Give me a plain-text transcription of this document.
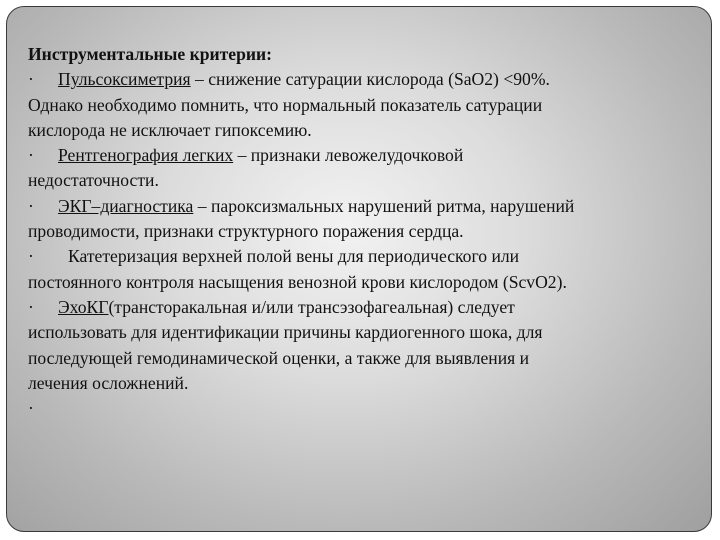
Инструментальные критерии:
· Пульсоксиметрия – снижение сатурации кислорода (SaO2) <90%.
Однако необходимо помнить, что нормальный показатель сатурации
кислорода не исключает гипоксемию.
· Рентгенография легких – признаки левожелудочковой
недостаточности.
· ЭКГ–диагностика – пароксизмальных нарушений ритма, нарушений
проводимости, признаки структурного поражения сердца.
· Катетеризация верхней полой вены для периодического или
постоянного контроля насыщения венозной крови кислородом (ScvO2).
· ЭхоКГ(трансторакальная и/или трансэзофагеальная) следует
использовать для идентификации причины кардиогенного шока, для
последующей гемодинамической оценки, а также для выявления и
лечения осложнений.
·
